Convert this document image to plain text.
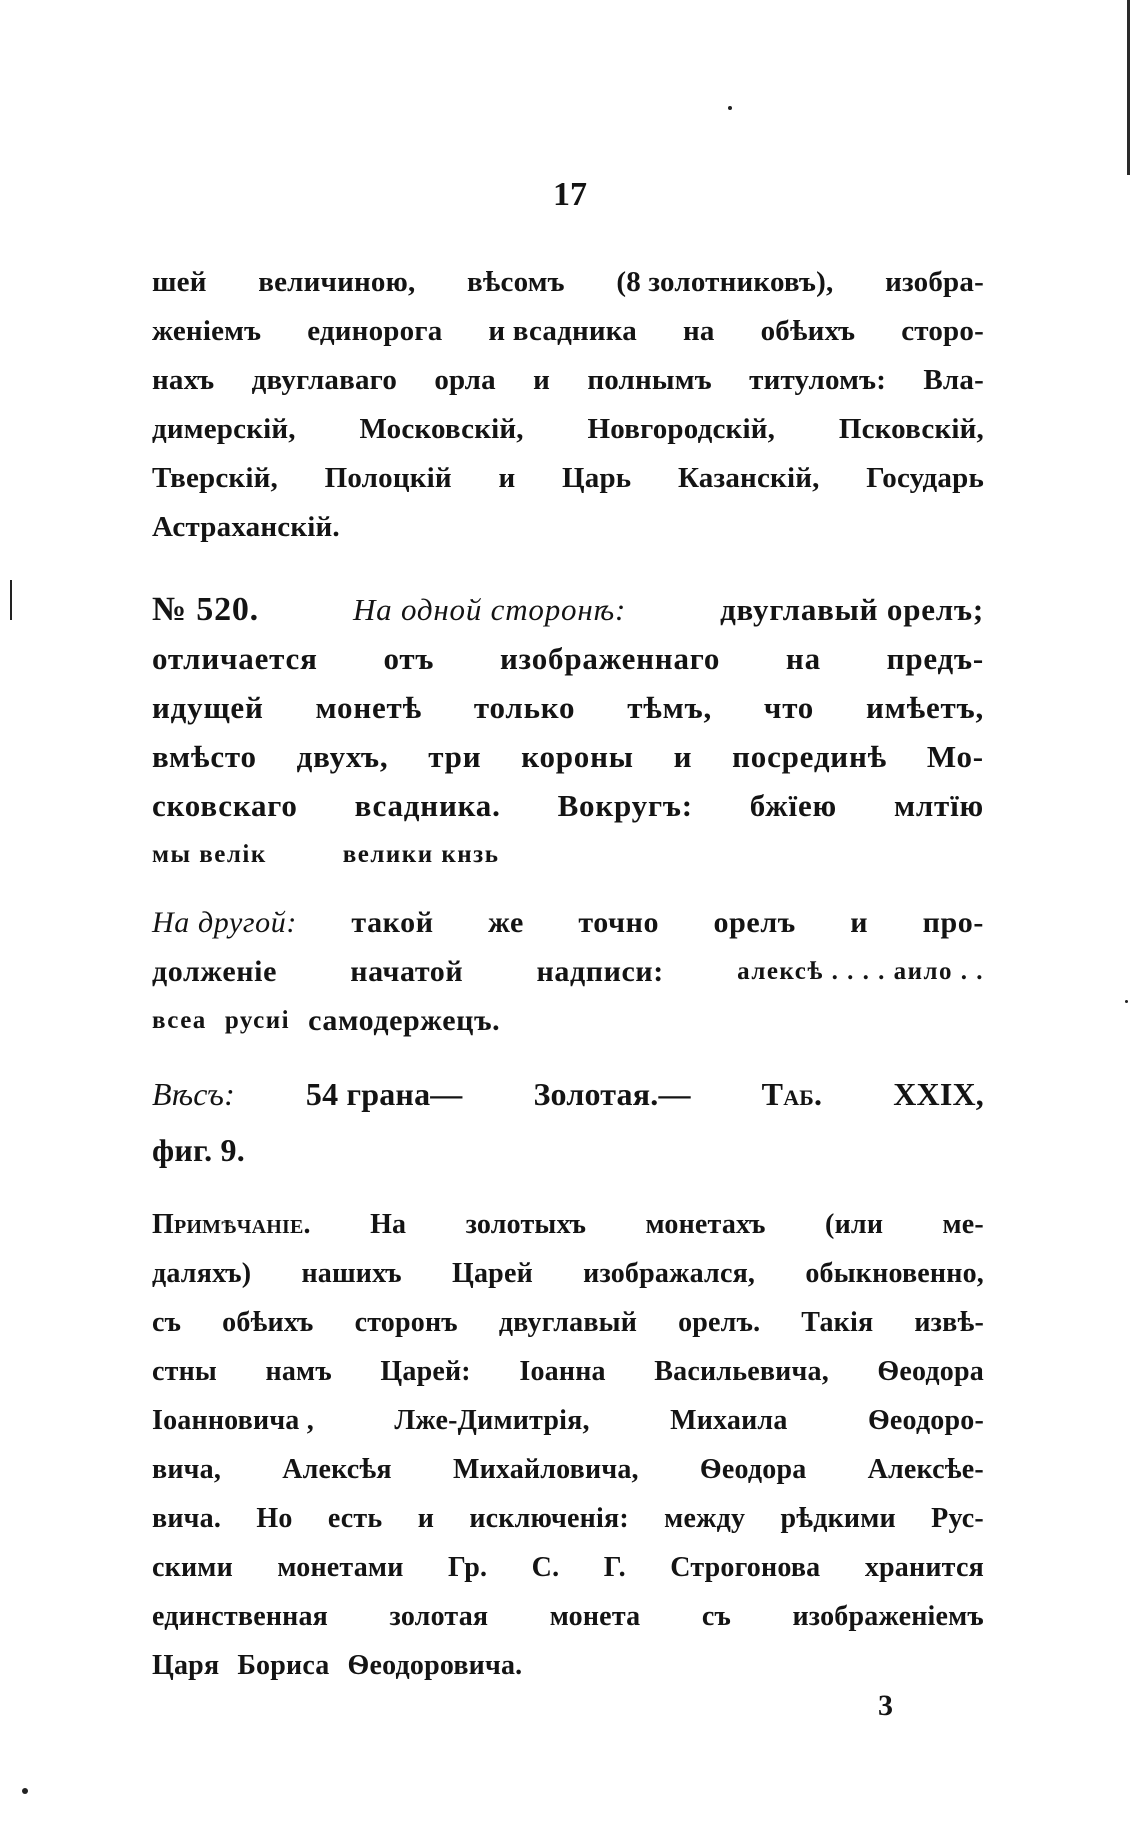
17
шей величиною, вѣсомъ (8 золотниковъ), изобра-
женіемъ единорога и всадника на обѣихъ сторо-
нахъ двуглаваго орла и полнымъ титуломъ: Вла-
димерскій, Московскій, Новгородскій, Псковскій,
Тверскій, Полоцкій и Царь Казанскій, Государь
Астраханскій.
№ 520.	На одной сторонѣ:	двуглавый орелъ;
отличается отъ изображеннаго на предъ-
идущей монетѣ только тѣмъ, что имѣетъ,
вмѣсто двухъ, три короны и посрединѣ Мо-
сковскаго всадника. Вокругъ: бжїею млтїю
мы велік	велики кнзь
На другой: такой же точно орелъ и про-
долженіе начатой надписи:	алексѣ . . . . аило . .
всеа русиі самодержецъ.
Вѣсъ: 54 грана— Золотая.— Таб. XXIX,
фиг. 9.
Примѣчаніе. На золотыхъ монетахъ (или ме-
даляхъ) нашихъ Царей изображался, обыкновенно,
съ обѣихъ сторонъ двуглавый орелъ. Такія извѣ-
стны намъ Царей: Іоанна Васильевича, Ѳеодора
Іоанновича ,	Лже-Димитрія,	Михаила	Ѳеодоро-
вича, Алексѣя Михайловича, Ѳеодора Алексѣе-
вича. Но есть и исключенія: между рѣдкими Рус-
скими монетами Гр. С. Г. Строгонова хранится
единственная золотая монета съ изображеніемъ
Царя Бориса Ѳеодоровича.
3
